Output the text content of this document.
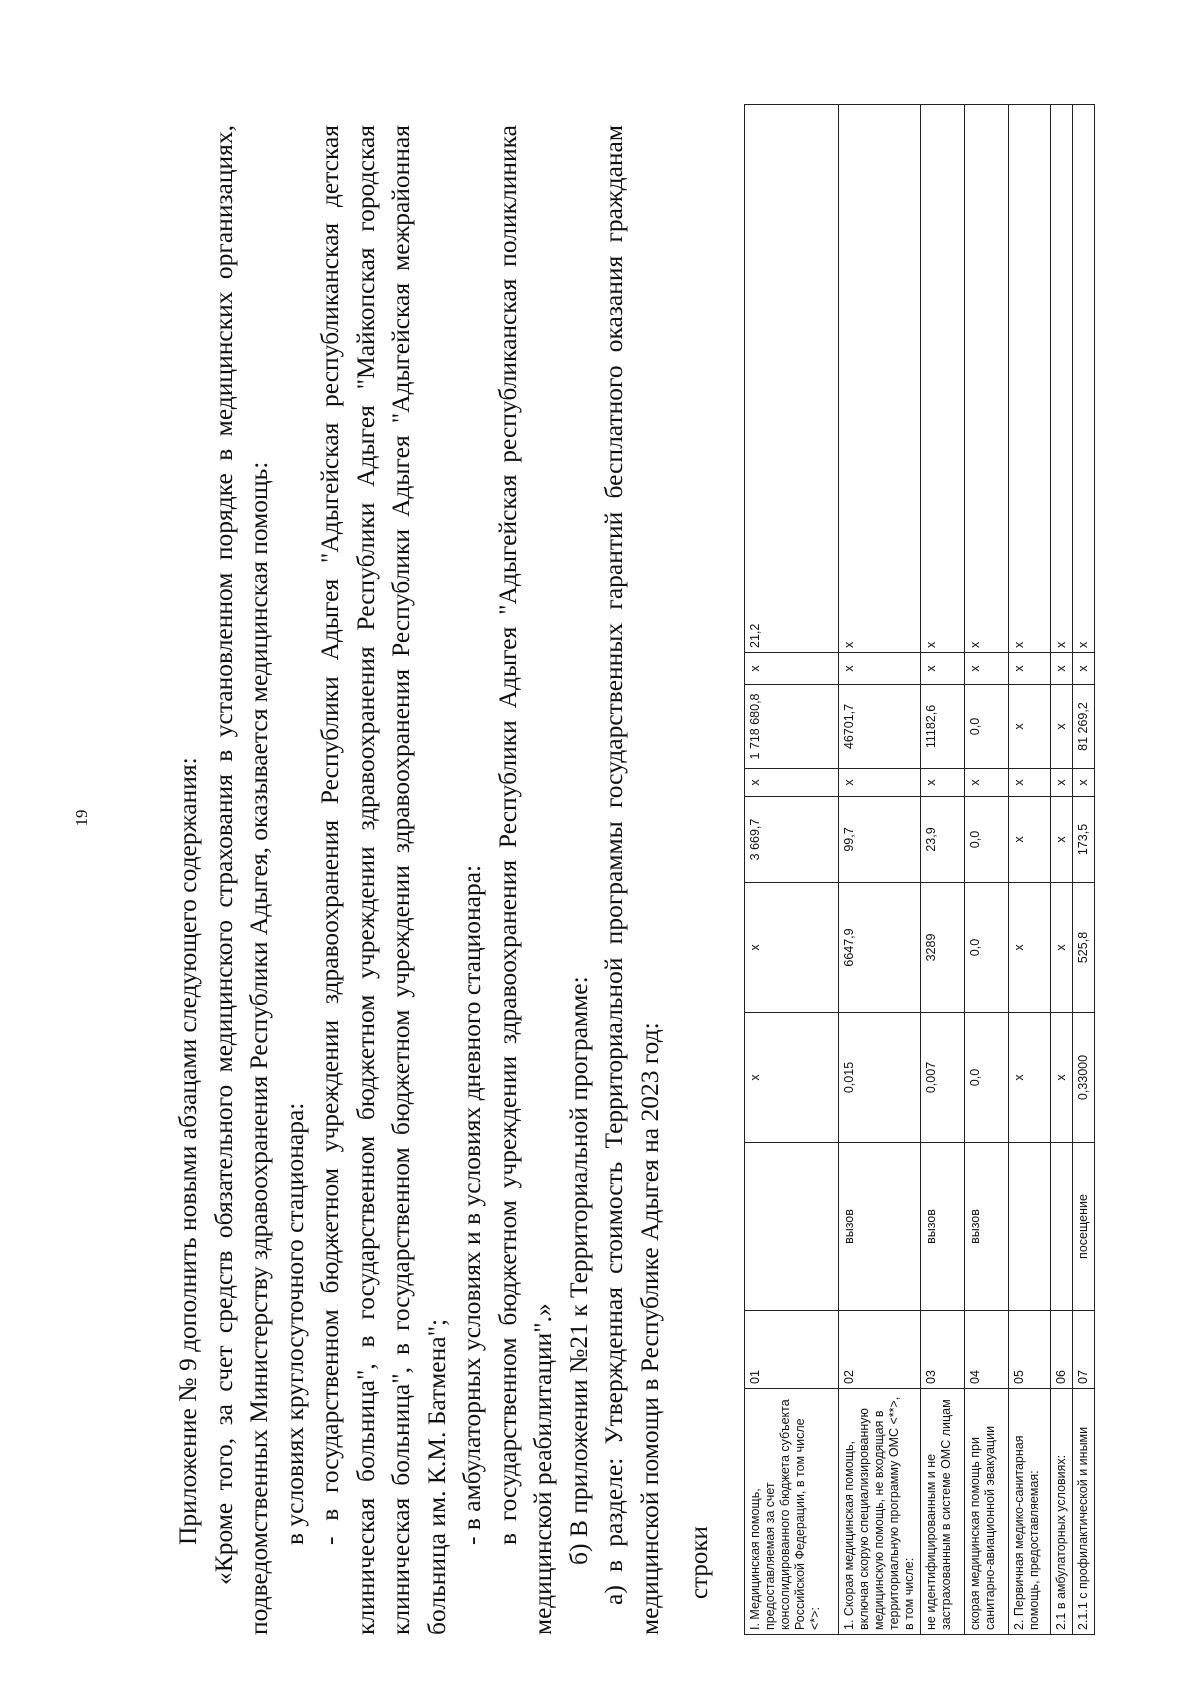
19	Приложение № 9 дополнить новыми абзацами следующего содержания: «Кроме того, за счет средств обязательного медицинского страхования в установленном порядке в медицинских организациях, подведомственных Министерству здравоохранения Республики Адыгея, оказывается медицинская помощь: в условиях круглосуточного стационара: - в государственном бюджетном учреждении здравоохранения Республики Адыгея "Адыгейская республиканская детская клиническая больница", в государственном бюджетном учреждении здравоохранения Республики Адыгея "Майкопская городская клиническая больница", в государственном бюджетном учреждении здравоохранения Республики Адыгея "Адыгейская межрайонная больница им. К.М. Батмена"; - в амбулаторных условиях и в условиях дневного стационара: в государственном бюджетном учреждении здравоохранения Республики Адыгея "Адыгейская республиканская поликлиника медицинской реабилитации".» б) В приложении №21 к Территориальной программе: а) в разделе: Утвержденная стоимость Территориальной программы государственных гарантий бесплатного оказания гражданам медицинской помощи в Республике Адыгея на 2023 год: строки	I. Медицинская помощь, предоставляемая за счет консолидированного бюджета субъекта Российской Федерации, в том числе <*>:	01		х	х	3 669,7	х	1 718 680,8	х	21,2
1. Скорая медицинская помощь, включая скорую специализированную медицинскую помощь, не входящая в территориальную программу ОМС <**>, в том числе:	02	вызов	0,015	6647,9	99,7	х	46701,7	х	х
не идентифицированным и не застрахованным в системе ОМС лицам	03	вызов	0,007	3289	23,9	х	11182,6	х	х
скорая медицинская помощь при санитарно-авиационной эвакуации	04	вызов	0,0	0,0	0,0	х	0,0	х	х
2. Первичная медико-санитарная помощь, предоставляемая:	05		х	х	х	х	х	х	х
2.1 в амбулаторных условиях:	06		х	х	х	х	х	х	х
2.1.1 с профилактической и иными	07	посещение	0,33000	525,8	173,5	х	81 269,2	х	х
